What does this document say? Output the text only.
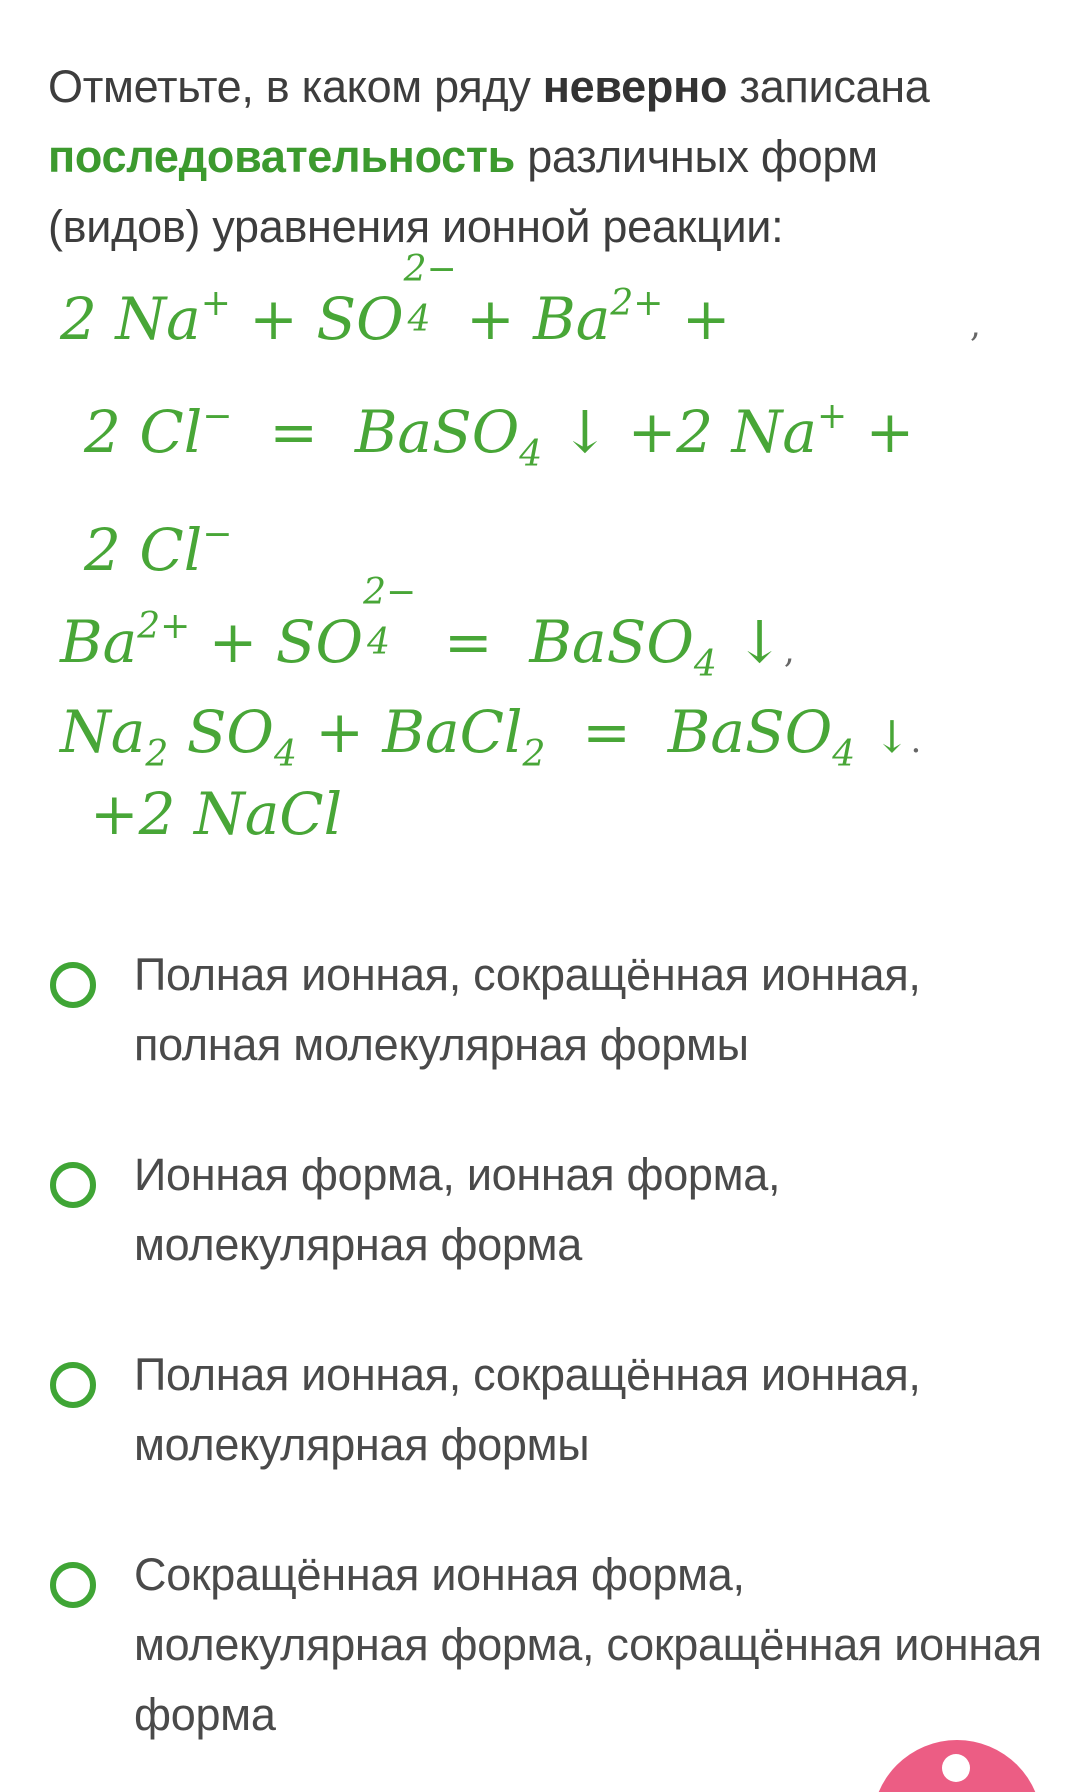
Отметьте, в каком ряду неверно записана последовательность различных форм (видов) уравнения ионной реакции:
2 Na+ + SO
2−
$4 + Ba^{2+}$ +	,
2 Cl− = BaSO$_4$ ↓ +2 Na+ +
2 Cl−
$Ba^{2+}$ + SO
2−
4 = BaSO$_4$ ↓,
$Na_2$ $SO_4$ + BaCl$_2$ = BaSO$_4$ ↓.
+2 NaCl
Полная ионная, сокращённая ионная, полная молекулярная формы
Ионная форма, ионная форма, молекулярная форма
Полная ионная, сокращённая ионная, молекулярная формы
Сокращённая ионная форма, молекулярная форма, сокращённая ионная форма
